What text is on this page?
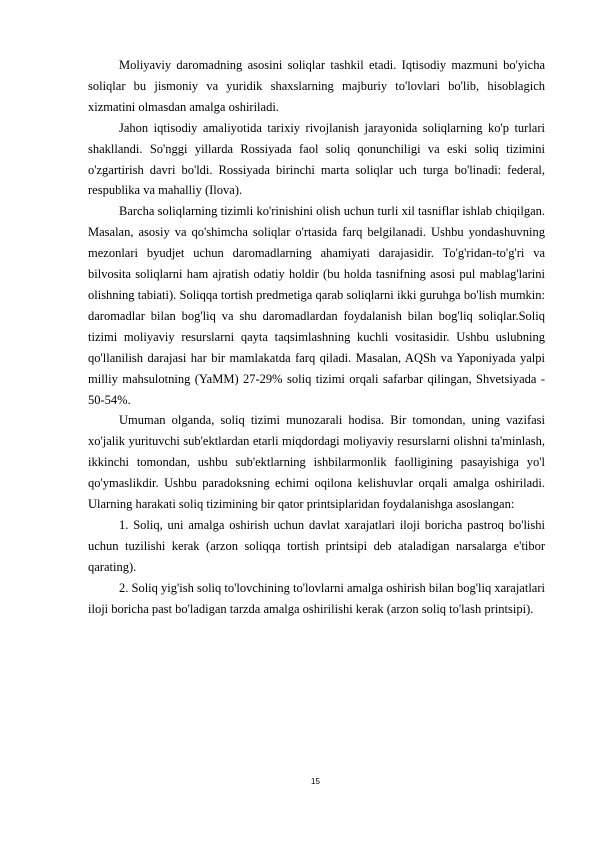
Moliyaviy daromadning asosini soliqlar tashkil etadi. Iqtisodiy mazmuni bo'yicha soliqlar bu jismoniy va yuridik shaxslarning majburiy to'lovlari bo'lib, hisoblagich xizmatini olmasdan amalga oshiriladi.

Jahon iqtisodiy amaliyotida tarixiy rivojlanish jarayonida soliqlarning ko'p turlari shakllandi. So'nggi yillarda Rossiyada faol soliq qonunchiligi va eski soliq tizimini o'zgartirish davri bo'ldi. Rossiyada birinchi marta soliqlar uch turga bo'linadi: federal, respublika va mahalliy (Ilova).

Barcha soliqlarning tizimli ko'rinishini olish uchun turli xil tasniflar ishlab chiqilgan. Masalan, asosiy va qo'shimcha soliqlar o'rtasida farq belgilanadi. Ushbu yondashuvning mezonlari byudjet uchun daromadlarning ahamiyati darajasidir. To'g'ridan-to'g'ri va bilvosita soliqlarni ham ajratish odatiy holdir (bu holda tasnifning asosi pul mablag'larini olishning tabiati). Soliqqa tortish predmetiga qarab soliqlarni ikki guruhga bo'lish mumkin: daromadlar bilan bog'liq va shu daromadlardan foydalanish bilan bog'liq soliqlar.Soliq tizimi moliyaviy resurslarni qayta taqsimlashning kuchli vositasidir. Ushbu uslubning qo'llanilish darajasi har bir mamlakatda farq qiladi. Masalan, AQSh va Yaponiyada yalpi milliy mahsulotning (YaMM) 27-29% soliq tizimi orqali safarbar qilingan, Shvetsiyada - 50-54%.

Umuman olganda, soliq tizimi munozarali hodisa. Bir tomondan, uning vazifasi xo'jalik yurituvchi sub'ektlardan etarli miqdordagi moliyaviy resurslarni olishni ta'minlash, ikkinchi tomondan, ushbu sub'ektlarning ishbilarmonlik faolligining pasayishiga yo'l qo'ymaslikdir. Ushbu paradoksning echimi oqilona kelishuvlar orqali amalga oshiriladi. Ularning harakati soliq tizimining bir qator printsiplaridan foydalanishga asoslangan:

1. Soliq, uni amalga oshirish uchun davlat xarajatlari iloji boricha pastroq bo'lishi uchun tuzilishi kerak (arzon soliqqa tortish printsipi deb ataladigan narsalarga e'tibor qarating).

2. Soliq yig'ish soliq to'lovchining to'lovlarni amalga oshirish bilan bog'liq xarajatlari iloji boricha past bo'ladigan tarzda amalga oshirilishi kerak (arzon soliq to'lash printsipi).

15
